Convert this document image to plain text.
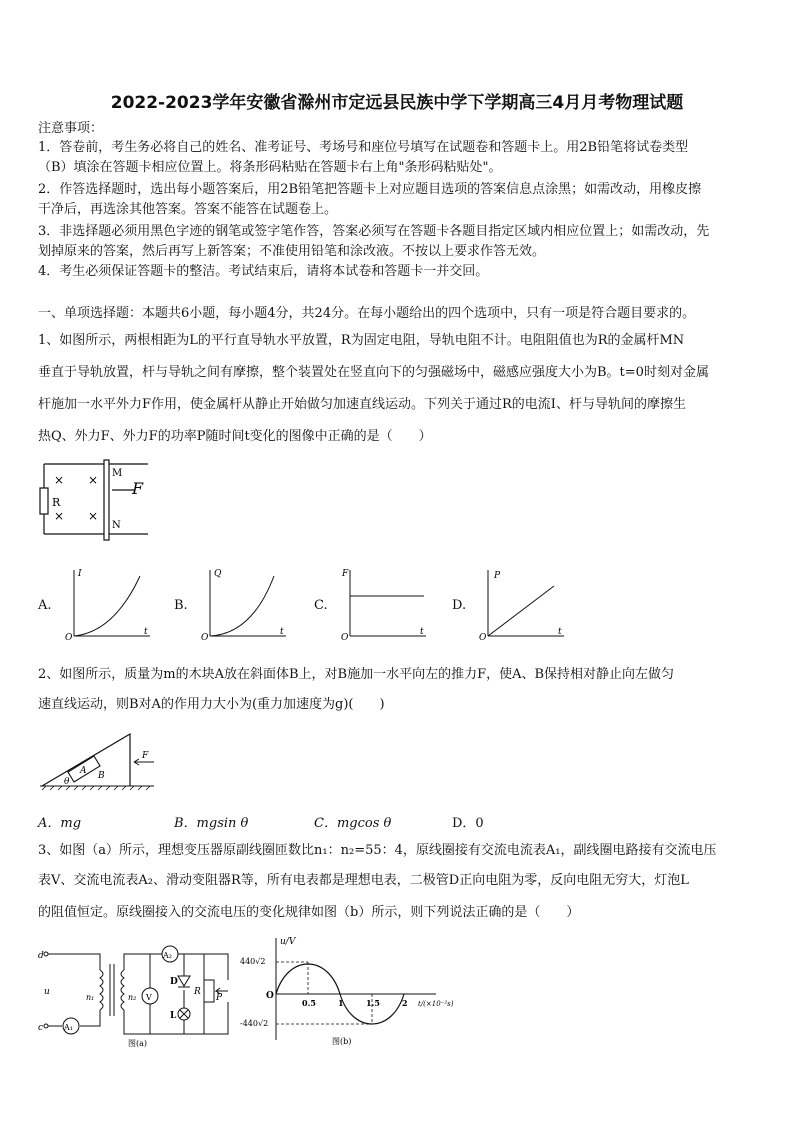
2022-2023学年安徽省滁州市定远县民族中学下学期高三4月月考物理试题
注意事项：
1．答卷前，考生务必将自己的姓名、准考证号、考场号和座位号填写在试题卷和答题卡上。用2B铅笔将试卷类型
（B）填涂在答题卡相应位置上。将条形码粘贴在答题卡右上角"条形码粘贴处"。
2．作答选择题时，选出每小题答案后，用2B铅笔把答题卡上对应题目选项的答案信息点涂黑；如需改动，用橡皮擦
干净后，再选涂其他答案。答案不能答在试题卷上。
3．非选择题必须用黑色字迹的钢笔或签字笔作答，答案必须写在答题卡各题目指定区域内相应位置上；如需改动，先
划掉原来的答案，然后再写上新答案；不准使用铅笔和涂改液。不按以上要求作答无效。
4．考生必须保证答题卡的整洁。考试结束后，请将本试卷和答题卡一并交回。
一、单项选择题：本题共6小题，每小题4分，共24分。在每小题给出的四个选项中，只有一项是符合题目要求的。
1、如图所示，两根相距为L的平行直导轨水平放置，R为固定电阻，导轨电阻不计。电阻阻值也为R的金属杆MN
垂直于导轨放置，杆与导轨之间有摩擦，整个装置处在竖直向下的匀强磁场中，磁感应强度大小为B。t=0时刻对金属
杆施加一水平外力F作用，使金属杆从静止开始做匀加速直线运动。下列关于通过R的电流I、杆与导轨间的摩擦生
热Q、外力F、外力F的功率P随时间t变化的图像中正确的是（　　）
R
× ×
× ×
M
N
F
A.
I
t
O
B.
Q
t
O
C.
F
t
O
D.
P
t
O
2、如图所示，质量为m的木块A放在斜面体B上，对B施加一水平向左的推力F，使A、B保持相对静止向左做匀
速直线运动，则B对A的作用力大小为(重力加速度为g)(　　)
A B
θ
F
A．mg	B．mgsin θ	C．mgcos θ	D．0
3、如图（a）所示，理想变压器原副线圈匝数比n₁：n₂=55：4，原线圈接有交流电流表A₁，副线圈电路接有交流电压
表V、交流电流表A₂、滑动变阻器R等，所有电表都是理想电表，二极管D正向电阻为零，反向电阻无穷大，灯泡L
的阻值恒定。原线圈接入的交流电压的变化规律如图（b）所示，则下列说法正确的是（　　）
d
c
u
A₁
n₁	n₂ V
A₂
D
L
R
P
图(a)
u/V
440√2
-440√2
O
0.5	1	1.5	2 t/(×10⁻²s)
图(b)
